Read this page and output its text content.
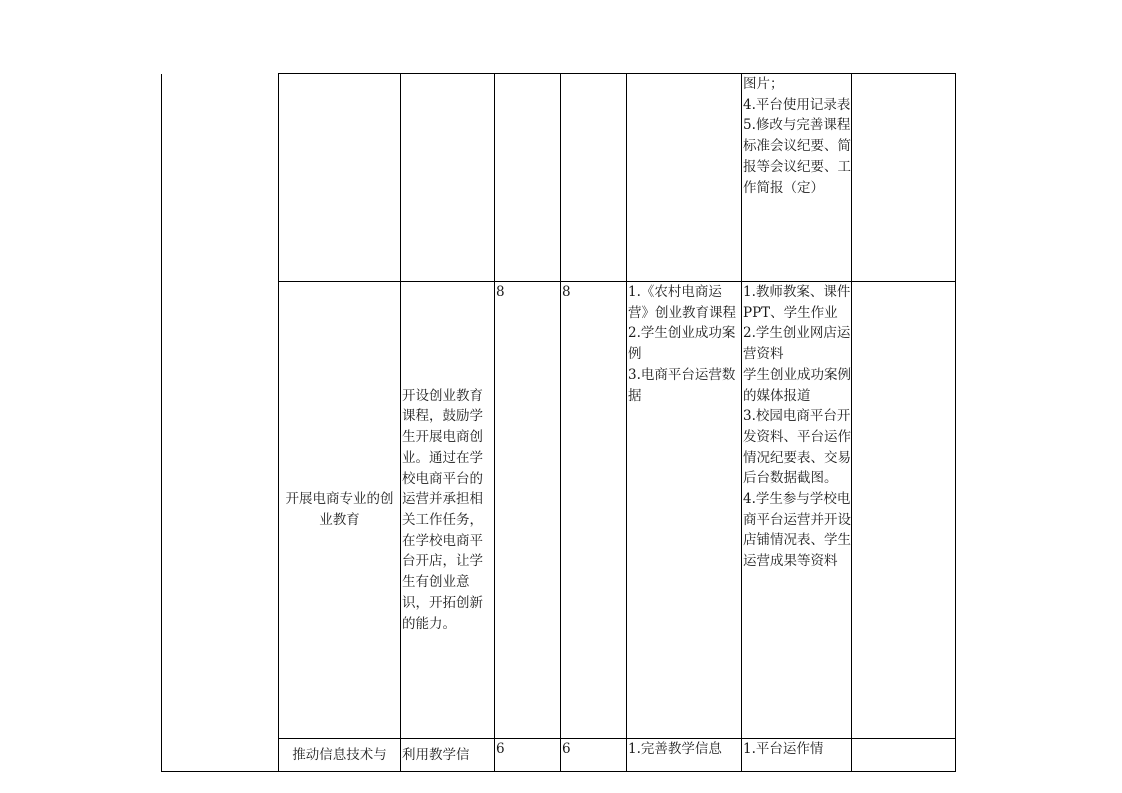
						图片；
4.平台使用记录表
5.修改与完善课程标准会议纪要、简报等会议纪要、工作简报（定）	
	开展电商专业的创业教育	开设创业教育课程，鼓励学生开展电商创业。通过在学校电商平台的运营并承担相关工作任务，在学校电商平台开店，让学生有创业意识，开拓创新的能力。	8	8	1.《农村电商运营》创业教育课程
2.学生创业成功案例
3.电商平台运营数据	1.教师教案、课件PPT、学生作业
2.学生创业网店运营资料
学生创业成功案例的媒体报道
3.校园电商平台开发资料、平台运作情况纪要表、交易后台数据截图。
4.学生参与学校电商平台运营并开设店铺情况表、学生运营成果等资料	
	推动信息技术与	利用教学信	6	6	1.完善教学信息	1.平台运作情	
